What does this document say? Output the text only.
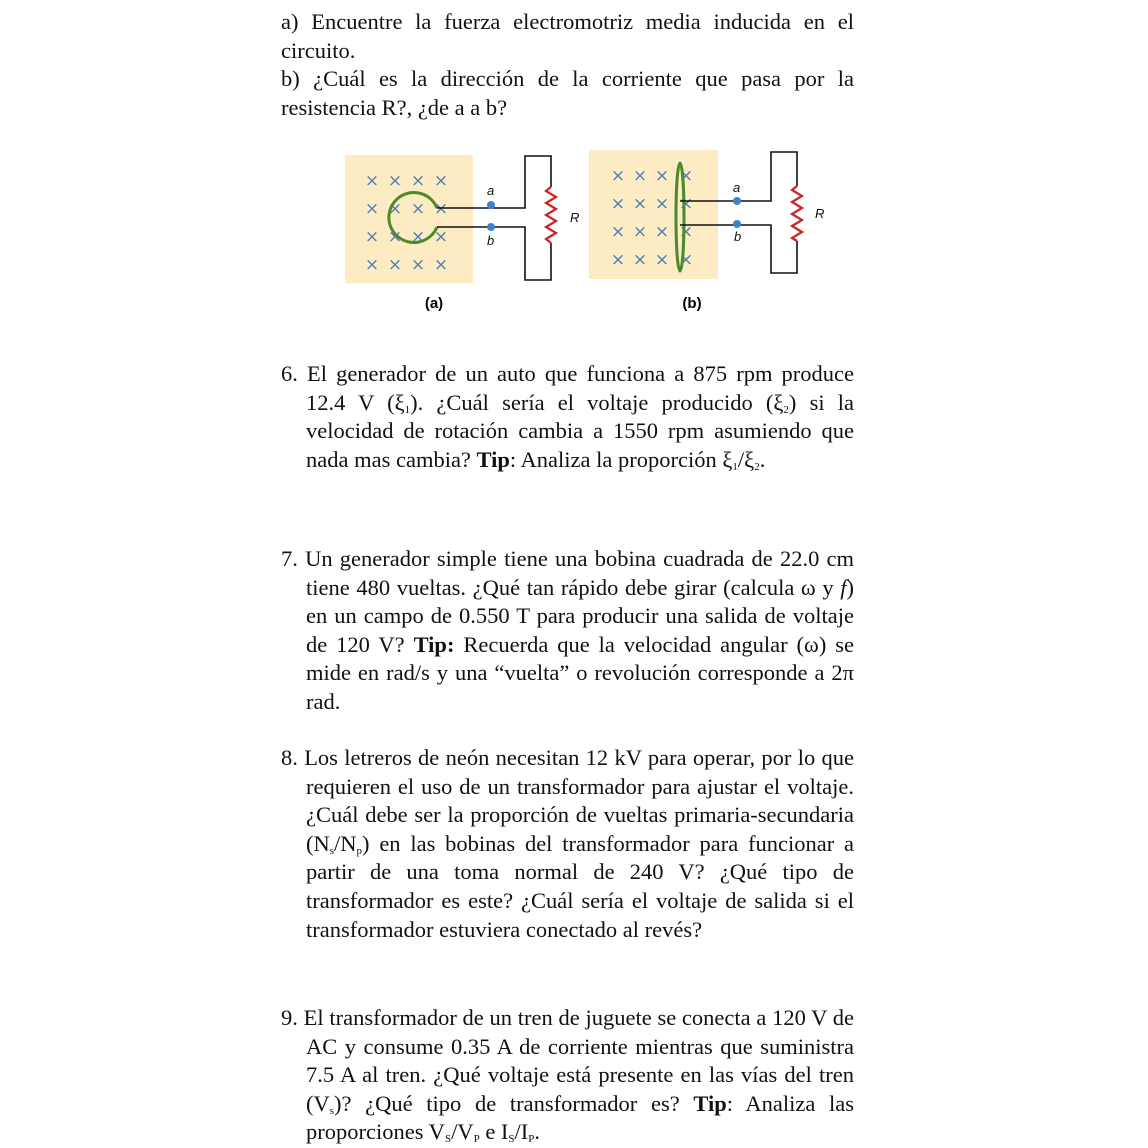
a) Encuentre la fuerza electromotriz media inducida en el circuito.

b) ¿Cuál es la dirección de la corriente que pasa por la resistencia R?, ¿de a a b?

× × × ×
× × × ×
× × × ×
× × × ×
a
b
R
(a)
× × × ×
× × × ×
× × × ×
× × × ×
a
b
R
(b)

6. El generador de un auto que funciona a 875 rpm produce 12.4 V $(\xi_1)$. ¿Cuál sería el voltaje producido $(\xi_2)$ si la velocidad de rotación cambia a 1550 rpm asumiendo que nada mas cambia? Tip: Analiza la proporción $\xi_1/\xi_2$.

7. Un generador simple tiene una bobina cuadrada de 22.0 cm tiene 480 vueltas. ¿Qué tan rápido debe girar (calcula ω y f) en un campo de 0.550 T para producir una salida de voltaje de 120 V? Tip: Recuerda que la velocidad angular (ω) se mide en rad/s y una “vuelta” o revolución corresponde a 2π rad.

8. Los letreros de neón necesitan 12 kV para operar, por lo que requieren el uso de un transformador para ajustar el voltaje. ¿Cuál debe ser la proporción de vueltas primaria-secundaria $(N_s/N_p)$ en las bobinas del transformador para funcionar a partir de una toma normal de 240 V? ¿Qué tipo de transformador es este? ¿Cuál sería el voltaje de salida si el transformador estuviera conectado al revés?

9. El transformador de un tren de juguete se conecta a 120 V de AC y consume 0.35 A de corriente mientras que suministra 7.5 A al tren. ¿Qué voltaje está presente en las vías del tren $(V_s)$? ¿Qué tipo de transformador es? Tip: Analiza las proporciones $V_S/V_P$ e $I_S/I_P$.
